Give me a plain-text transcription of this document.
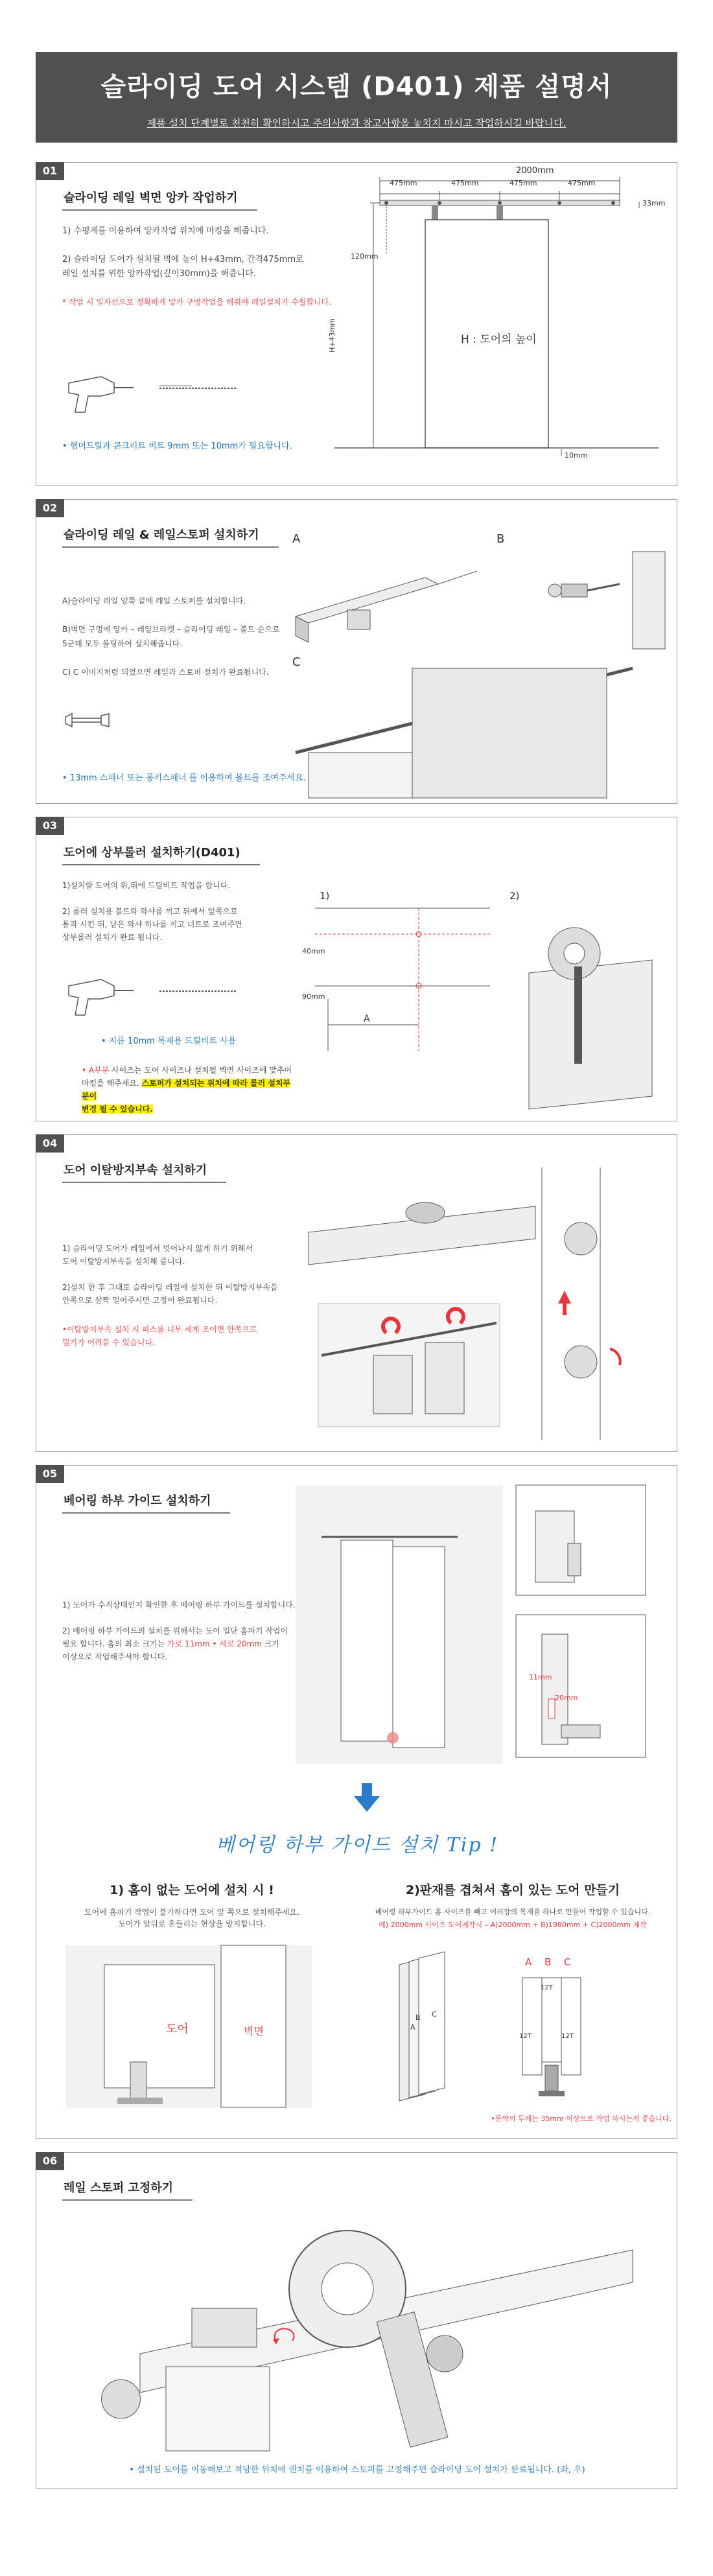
슬라이딩 도어 시스템 (D401) 제품 설명서
제품 설치 단계별로 천천히 확인하시고 주의사항과 참고사항을 놓치지 마시고 작업하시길 바랍니다.
01
슬라이딩 레일 벽면 앙카 작업하기
1) 수평계를 이용하여 앙카작업 위치에 마킹을 해줍니다.

2) 슬라이딩 도어가 설치될 벽에 높이 H+43mm, 간격475mm로
레일 설치를 위한 앙카작업(깊이30mm)을 해줍니다.
* 작업 시 일자선으로 정확하게 앙카 구멍작업을 해줘야 레일설치가 수월합니다.
• 햄머드릴과 콘크리트 비트 9mm 또는 10mm가 필요합니다.
2000mm
475mm	475mm	475mm	475mm
33mm
120mm
H+43mm	H : 도어의 높이
10mm
02
슬라이딩 레일 & 레일스토퍼 설치하기
A)슬라이딩 레일 양쪽 끝에 레일 스토퍼를 설치합니다.

B)벽면 구멍에 앙카 – 레일브라켓 – 슬라이딩 레일 – 볼트 순으로
5군데 모두 볼팅하여 설치해줍니다.

C) C 이미지처럼 되었으면 레일과 스토퍼 설치가 완료됩니다.
• 13mm 스패너 또는 몽키스패너 를 이용하여 볼트를 조여주세요.
A	B
C
03
도어에 상부롤러 설치하기(D401)
1)설치할 도어의 위,뒤에 드릴비트 작업을 합니다.

2) 롤러 설치용 볼트와 와샤를 끼고 뒤에서 앞쪽으로
통과 시킨 뒤, 남은 와샤 하나를 끼고 너트로 조여주면
상부롤러 설치가 완료 됩니다.
• 지름 10mm 목재용 드릴비트 사용
• A부분 사이즈는 도어 사이즈나 설치될 벽면 사이즈에 맞추어
마킹을 해주세요. 스토퍼가 설치되는 위치에 따라 롤러 설치부분이
변경 될 수 있습니다.
1)	2)
40mm
90mm
A
04
도어 이탈방지부속 설치하기
1) 슬라이딩 도어가 레일에서 벗어나지 않게 하기 위해서
도어 이탈방지부속을 설치해 줍니다.

2)설치 한 후 그대로 슬라이딩 레일에 설치한 뒤 이탈방지부속을
안쪽으로 살짝 밀어주시면 고정이 완료됩니다.
•이탈방지부속 설치 시 피스를 너무 세게 조이면 안쪽으로
밀기가 어려울 수 있습니다.
05
베어링 하부 가이드 설치하기
1) 도어가 수직상태인지 확인한 후 베어링 하부 가이드를 설치합니다.

2) 베어링 하부 가이드의 설치를 위해서는 도어 일단 홈파기 작업이
필요 합니다. 홈의 최소 크기는 가로 11mm • 세로 20mm 크기
이상으로 작업해주셔야 합니다.
11mm
20mm
베어링 하부 가이드 설치 Tip !
1) 홈이 없는 도어에 설치 시 !
도어에 홈파기 작업이 불가하다면 도어 앞 쪽으로 설치해주세요.
도어가 앞뒤로 흔들리는 현상을 방지합니다.
도어	벽면
2)판재를 겹쳐서 홈이 있는 도어 만들기
베어링 하부가이드 홈 사이즈를 빼고 여러장의 목재를 하나로 만들어 작업할 수 있습니다.
예) 2000mm 사이즈 도어제작시 – A)2000mm + B)1980mm + C)2000mm 제작
A
B C
A B C
12T
12T
12T
•문짝의 두께는 35mm 이상으로 작업 하시는게 좋습니다.
06
레일 스토퍼 고정하기
• 설치된 도어를 이동해보고 적당한 위치에 렌치를 이용하여 스토퍼를 고정해주면 슬라이딩 도어 설치가 완료됩니다. (좌, 우)
